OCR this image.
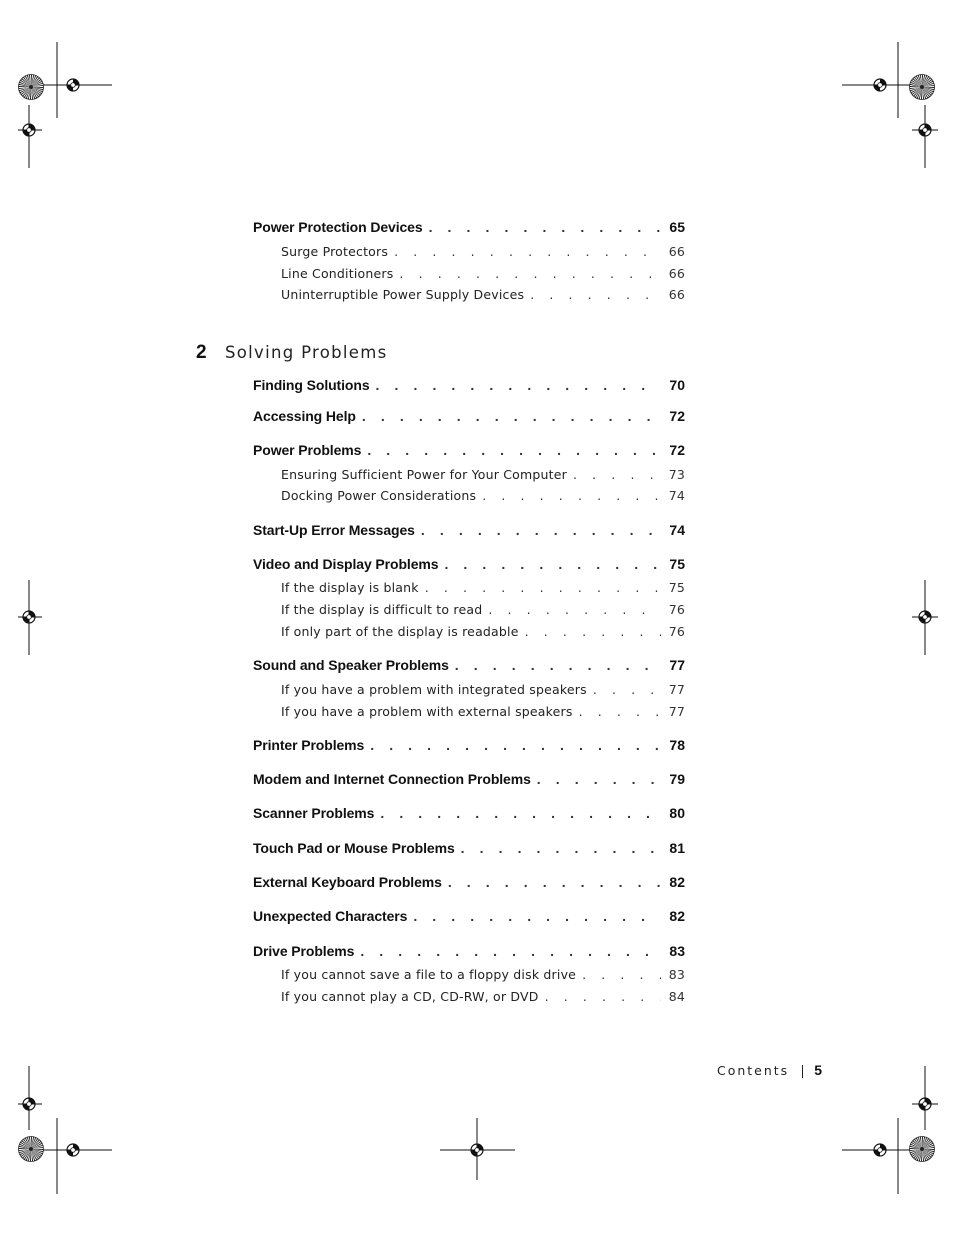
Power Protection Devices . . .	65
Surge Protectors . . .	66
Line Conditioners . . .	66
Uninterruptible Power Supply Devices . . .	66
2	Solving Problems
Finding Solutions . . .	70
Accessing Help . . .	72
Power Problems . . .	72
Ensuring Sufficient Power for Your Computer . . .	73
Docking Power Considerations . . .	74
Start-Up Error Messages . . .	74
Video and Display Problems . . .	75
If the display is blank . . .	75
If the display is difficult to read . . .	76
If only part of the display is readable . . .	76
Sound and Speaker Problems . . .	77
If you have a problem with integrated speakers . . .	77
If you have a problem with external speakers . . .	77
Printer Problems . . .	78
Modem and Internet Connection Problems . . .	79
Scanner Problems . . .	80
Touch Pad or Mouse Problems . . .	81
External Keyboard Problems . . .	82
Unexpected Characters . . .	82
Drive Problems . . .	83
If you cannot save a file to a floppy disk drive . . .	83
If you cannot play a CD, CD-RW, or DVD . . .	84
Contents 5
